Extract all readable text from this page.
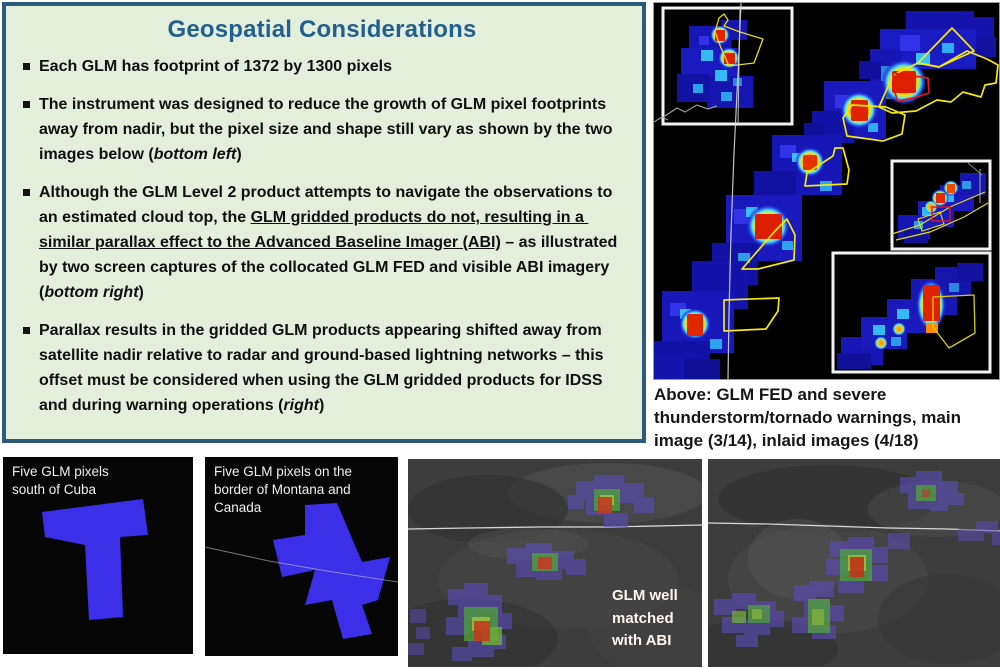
Geospatial Considerations
Each GLM has footprint of 1372 by 1300 pixels
The instrument was designed to reduce the growth of GLM pixel footprints away from nadir, but the pixel size and shape still vary as shown by the two images below (bottom left)
Although the GLM Level 2 product attempts to navigate the observations to an estimated cloud top, the GLM gridded products do not, resulting in a similar parallax effect to the Advanced Baseline Imager (ABI) – as illustrated by two screen captures of the collocated GLM FED and visible ABI imagery (bottom right)
Parallax results in the gridded GLM products appearing shifted away from satellite nadir relative to radar and ground-based lightning networks – this offset must be considered when using the GLM gridded products for IDSS and during warning operations (right)

Above: GLM FED and severe thunderstorm/tornado warnings, main image (3/14), inlaid images (4/18)

Five GLM pixels south of Cuba
Five GLM pixels on the border of Montana and Canada
GLM well matched with ABI
